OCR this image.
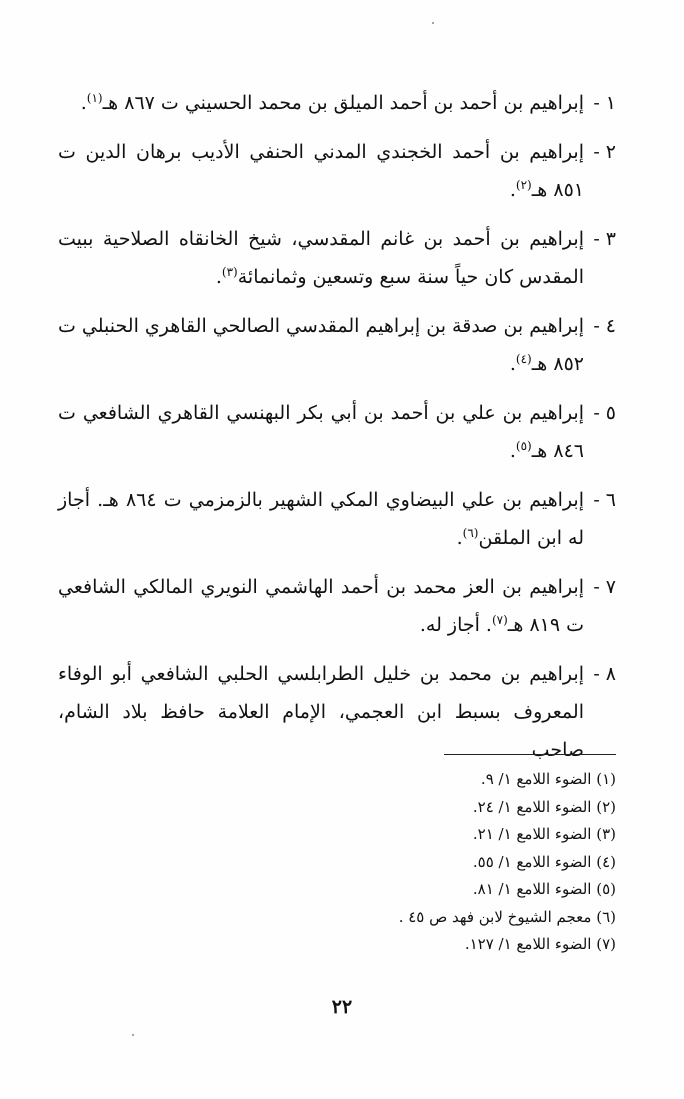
١ -
إبراهيم بن أحمد بن أحمد الميلق بن محمد الحسيني ت ٨٦٧ هـ$^{(١)}$.
٢ -
إبراهيم بن أحمد الخجندي المدني الحنفي الأديب برهان الدين ت ٨٥١ هـ$^{(٢)}$.
٣ -
إبراهيم بن أحمد بن غانم المقدسي، شيخ الخانقاه الصلاحية ببيت المقدس كان حياً سنة سبع وتسعين وثمانمائة$^{(٣)}$.
٤ -
إبراهيم بن صدقة بن إبراهيم المقدسي الصالحي القاهري الحنبلي ت ٨٥٢ هـ$^{(٤)}$.
٥ -
إبراهيم بن علي بن أحمد بن أبي بكر البهنسي القاهري الشافعي ت ٨٤٦ هـ$^{(٥)}$.
٦ -
إبراهيم بن علي البيضاوي المكي الشهير بالزمزمي ت ٨٦٤ هـ. أجاز له ابن الملقن$^{(٦)}$.
٧ -
إبراهيم بن العز محمد بن أحمد الهاشمي النويري المالكي الشافعي ت ٨١٩ هـ$^{(٧)}$. أجاز له.
٨ -
إبراهيم بن محمد بن خليل الطرابلسي الحلبي الشافعي أبو الوفاء المعروف بسبط ابن العجمي، الإمام العلامة حافظ بلاد الشام، صاحب
(١) الضوء اللامع ١/ ٩.
(٢) الضوء اللامع ١/ ٢٤.
(٣) الضوء اللامع ١/ ٢١.
(٤) الضوء اللامع ١/ ٥٥.
(٥) الضوء اللامع ١/ ٨١.
(٦) معجم الشيوخ لابن فهد ص ٤٥ .
(٧) الضوء اللامع ١/ ١٢٧.
٢٢
